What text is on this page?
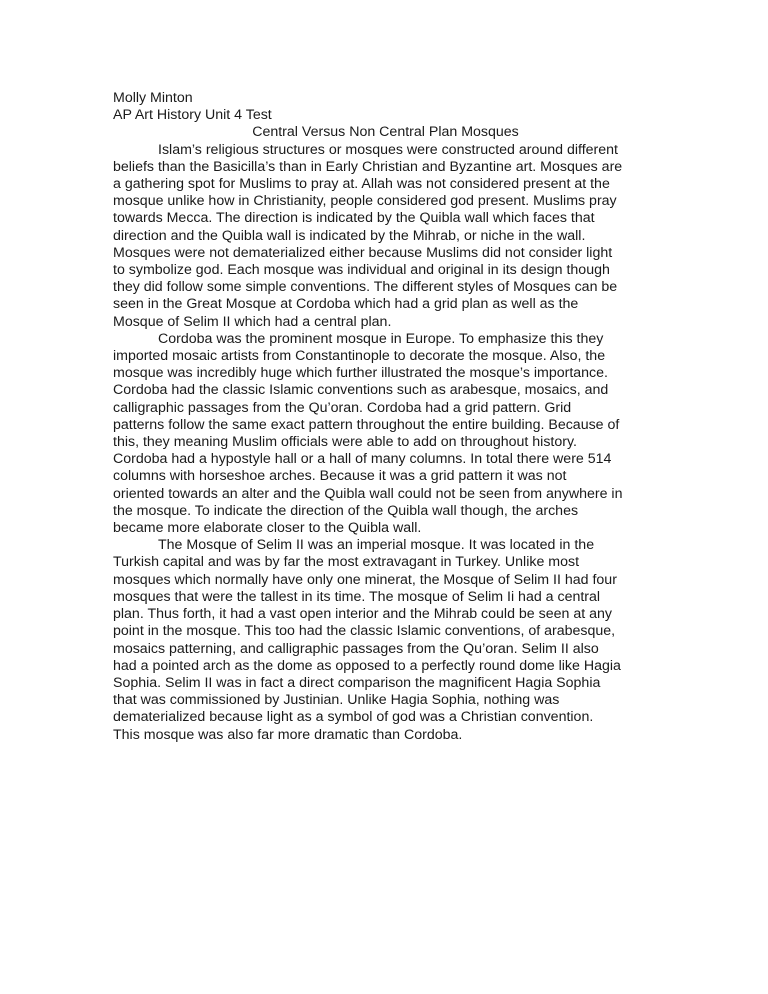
Molly Minton

AP Art History Unit 4 Test

Central Versus Non Central Plan Mosques

Islam’s religious structures or mosques were constructed around different
beliefs than the Basicilla’s than in Early Christian and Byzantine art. Mosques are
a gathering spot for Muslims to pray at. Allah was not considered present at the
mosque unlike how in Christianity, people considered god present. Muslims pray
towards Mecca. The direction is indicated by the Quibla wall which faces that
direction and the Quibla wall is indicated by the Mihrab, or niche in the wall.
Mosques were not dematerialized either because Muslims did not consider light
to symbolize god. Each mosque was individual and original in its design though
they did follow some simple conventions. The different styles of Mosques can be
seen in the Great Mosque at Cordoba which had a grid plan as well as the
Mosque of Selim II which had a central plan.

Cordoba was the prominent mosque in Europe. To emphasize this they
imported mosaic artists from Constantinople to decorate the mosque. Also, the
mosque was incredibly huge which further illustrated the mosque’s importance.
Cordoba had the classic Islamic conventions such as arabesque, mosaics, and
calligraphic passages from the Qu’oran. Cordoba had a grid pattern. Grid
patterns follow the same exact pattern throughout the entire building. Because of
this, they meaning Muslim officials were able to add on throughout history.
Cordoba had a hypostyle hall or a hall of many columns. In total there were 514
columns with horseshoe arches. Because it was a grid pattern it was not
oriented towards an alter and the Quibla wall could not be seen from anywhere in
the mosque. To indicate the direction of the Quibla wall though, the arches
became more elaborate closer to the Quibla wall.

The Mosque of Selim II was an imperial mosque. It was located in the
Turkish capital and was by far the most extravagant in Turkey. Unlike most
mosques which normally have only one minerat, the Mosque of Selim II had four
mosques that were the tallest in its time. The mosque of Selim Ii had a central
plan. Thus forth, it had a vast open interior and the Mihrab could be seen at any
point in the mosque. This too had the classic Islamic conventions, of arabesque,
mosaics patterning, and calligraphic passages from the Qu’oran. Selim II also
had a pointed arch as the dome as opposed to a perfectly round dome like Hagia
Sophia. Selim II was in fact a direct comparison the magnificent Hagia Sophia
that was commissioned by Justinian. Unlike Hagia Sophia, nothing was
dematerialized because light as a symbol of god was a Christian convention.
This mosque was also far more dramatic than Cordoba.
